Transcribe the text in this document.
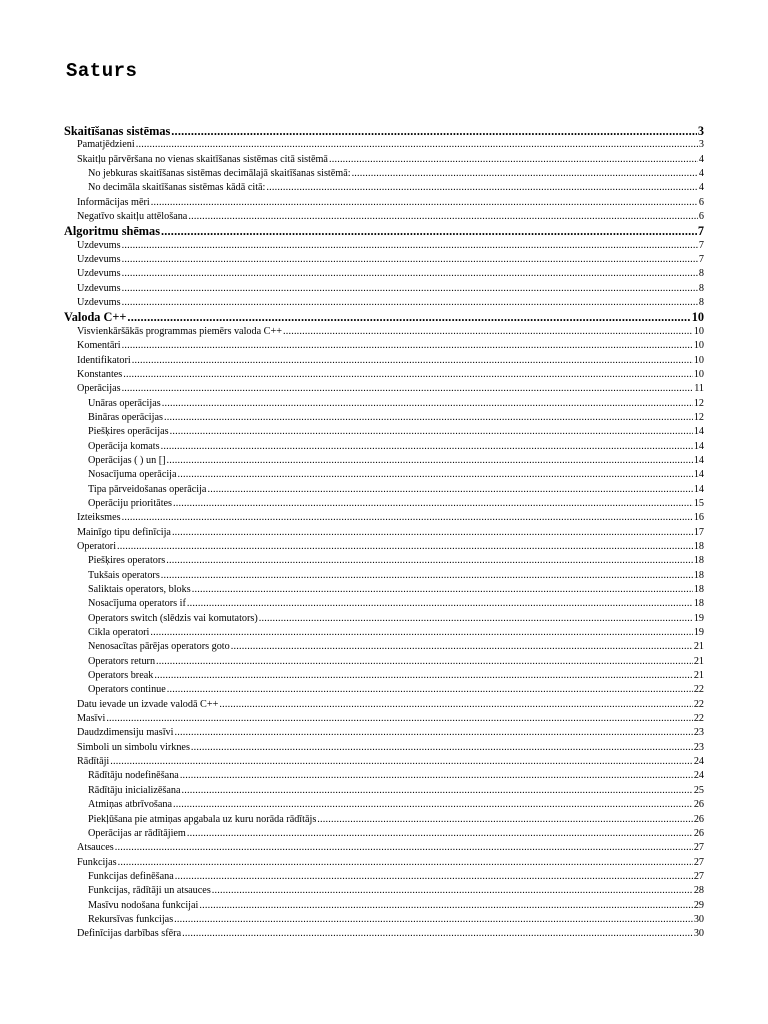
Saturs
Skaitīšanas sistēmas .....	3
Pamatjēdzieni .....	3
Skaitļu pārvēršana no vienas skaitīšanas sistēmas citā sistēmā .....	4
No jebkuras skaitīšanas sistēmas decimālajā skaitīšanas sistēmā: .....	4
No decimāla skaitīšanas sistēmas kādā citā: .....	4
Informācijas mēri .....	6
Negatīvo skaitļu attēlošana .....	6
Algoritmu shēmas .....	7
Uzdevums .....	7
Uzdevums .....	7
Uzdevums .....	8
Uzdevums .....	8
Uzdevums .....	8
Valoda C++ .....	10
Visvienkāršākās programmas piemērs valoda C++ .....	10
Komentāri .....	10
Identifikatori .....	10
Konstantes .....	10
Operācijas .....	11
Unāras operācijas .....	12
Bināras operācijas .....	12
Piešķires operācijas .....	14
Operācija komats .....	14
Operācijas ( ) un [] .....	14
Nosacījuma operācija .....	14
Tipa pārveidošanas operācija .....	14
Operāciju prioritātes .....	15
Izteiksmes .....	16
Mainīgo tipu definīcija .....	17
Operatori .....	18
Piešķires operators .....	18
Tukšais operators .....	18
Saliktais operators, bloks .....	18
Nosacījuma operators if .....	18
Operators switch (slēdzis vai komutators) .....	19
Cikla operatori .....	19
Nenosacītas pārējas operators goto .....	21
Operators return .....	21
Operators break .....	21
Operators continue .....	22
Datu ievade un izvade valodā C++ .....	22
Masīvi .....	22
Daudzdimensiju masīvi .....	23
Simboli un simbolu virknes .....	23
Rādītāji .....	24
Rādītāju nodefinēšana .....	24
Rādītāju inicializēšana .....	25
Atmiņas atbrīvošana .....	26
Piekļūšana pie atmiņas apgabala uz kuru norāda rādītājs .....	26
Operācijas ar rādītājiem .....	26
Atsauces .....	27
Funkcijas .....	27
Funkcijas definēšana .....	27
Funkcijas, rādītāji un atsauces .....	28
Masīvu nodošana funkcijai .....	29
Rekursīvas funkcijas .....	30
Definīcijas darbības sfēra .....	30
